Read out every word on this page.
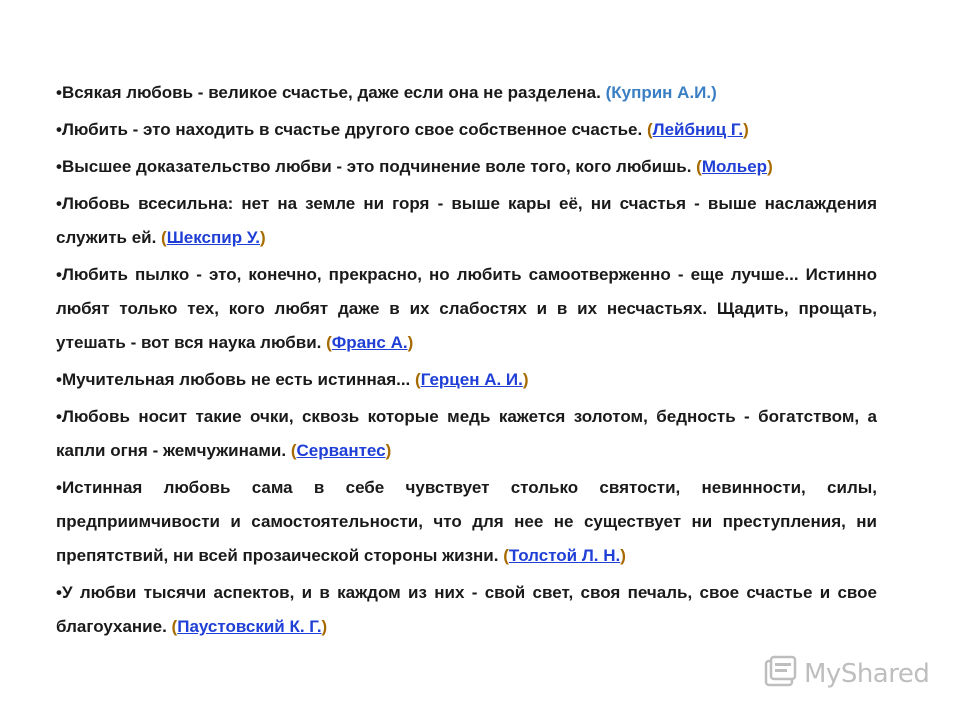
•Всякая любовь - великое счастье, даже если она не разделена. (Куприн А.И.)

•Любить - это находить в счастье другого свое собственное счастье. (Лейбниц Г.)

•Высшее доказательство любви - это подчинение воле того, кого любишь. (Мольер)

•Любовь всесильна: нет на земле ни горя - выше кары её, ни счастья - выше наслаждения служить ей. (Шекспир У.)

•Любить пылко - это, конечно, прекрасно, но любить самоотверженно - еще лучше... Истинно любят только тех, кого любят даже в их слабостях и в их несчастьях. Щадить, прощать, утешать - вот вся наука любви. (Франс А.)

•Мучительная любовь не есть истинная... (Герцен А. И.)

•Любовь носит такие очки, сквозь которые медь кажется золотом, бедность - богатством, а капли огня - жемчужинами. (Сервантес)

•Истинная любовь сама в себе чувствует столько святости, невинности, силы, предприимчивости и самостоятельности, что для нее не существует ни преступления, ни препятствий, ни всей прозаической стороны жизни. (Толстой Л. Н.)

•У любви тысячи аспектов, и в каждом из них - свой свет, своя печаль, свое счастье и свое благоухание. (Паустовский К. Г.)

MyShared
